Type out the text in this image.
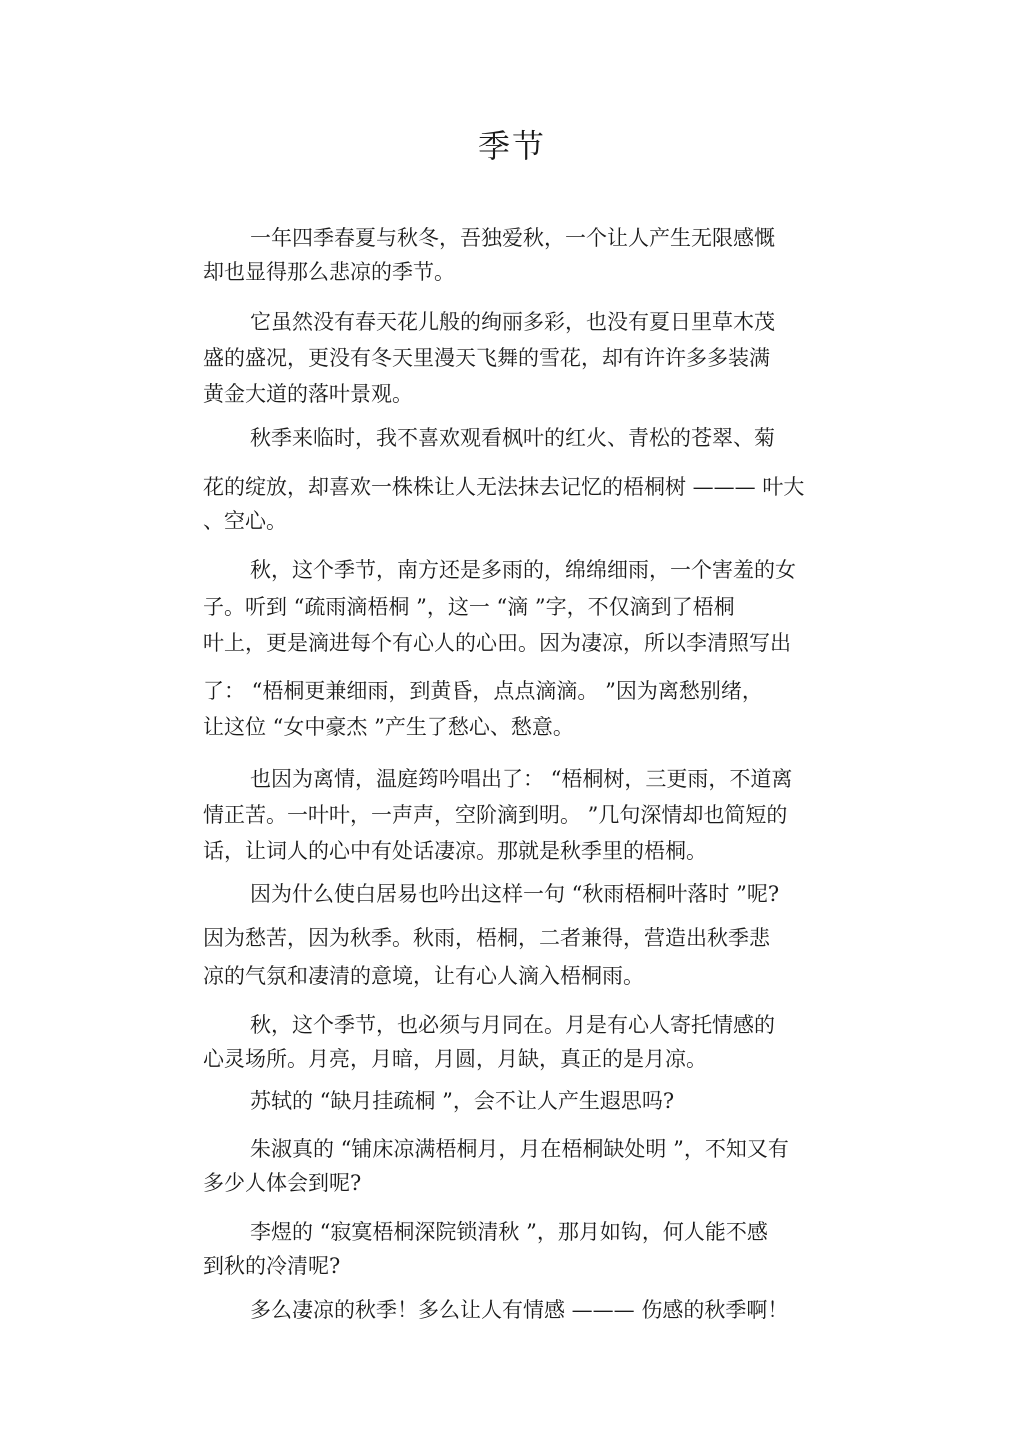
季节
一年四季春夏与秋冬，吾独爱秋，一个让人产生无限感慨
却也显得那么悲凉的季节。
它虽然没有春天花儿般的绚丽多彩，也没有夏日里草木茂
盛的盛况，更没有冬天里漫天飞舞的雪花，却有许许多多装满
黄金大道的落叶景观。
秋季来临时，我不喜欢观看枫叶的红火、青松的苍翠、菊
花的绽放，却喜欢一株株让人无法抹去记忆的梧桐树 ——— 叶大
、空心。
秋，这个季节，南方还是多雨的，绵绵细雨，一个害羞的女
子。听到 “疏雨滴梧桐 ”，这一 “滴 ”字，不仅滴到了梧桐
叶上，更是滴进每个有心人的心田。因为凄凉，所以李清照写出
了： “梧桐更兼细雨，到黄昏，点点滴滴。 ”因为离愁别绪，
让这位 “女中豪杰 ”产生了愁心、愁意。
也因为离情，温庭筠吟唱出了： “梧桐树，三更雨，不道离
情正苦。一叶叶，一声声，空阶滴到明。 ”几句深情却也简短的
话，让词人的心中有处话凄凉。那就是秋季里的梧桐。
因为什么使白居易也吟出这样一句 “秋雨梧桐叶落时 ”呢?
因为愁苦，因为秋季。秋雨，梧桐，二者兼得，营造出秋季悲
凉的气氛和凄清的意境，让有心人滴入梧桐雨。
秋，这个季节，也必须与月同在。月是有心人寄托情感的
心灵场所。月亮，月暗，月圆，月缺，真正的是月凉。
苏轼的 “缺月挂疏桐 ”，会不让人产生遐思吗?
朱淑真的 “铺床凉满梧桐月，月在梧桐缺处明 ”，不知又有
多少人体会到呢?
李煜的 “寂寞梧桐深院锁清秋 ”，那月如钩，何人能不感
到秋的冷清呢?
多么凄凉的秋季！多么让人有情感 ——— 伤感的秋季啊！
